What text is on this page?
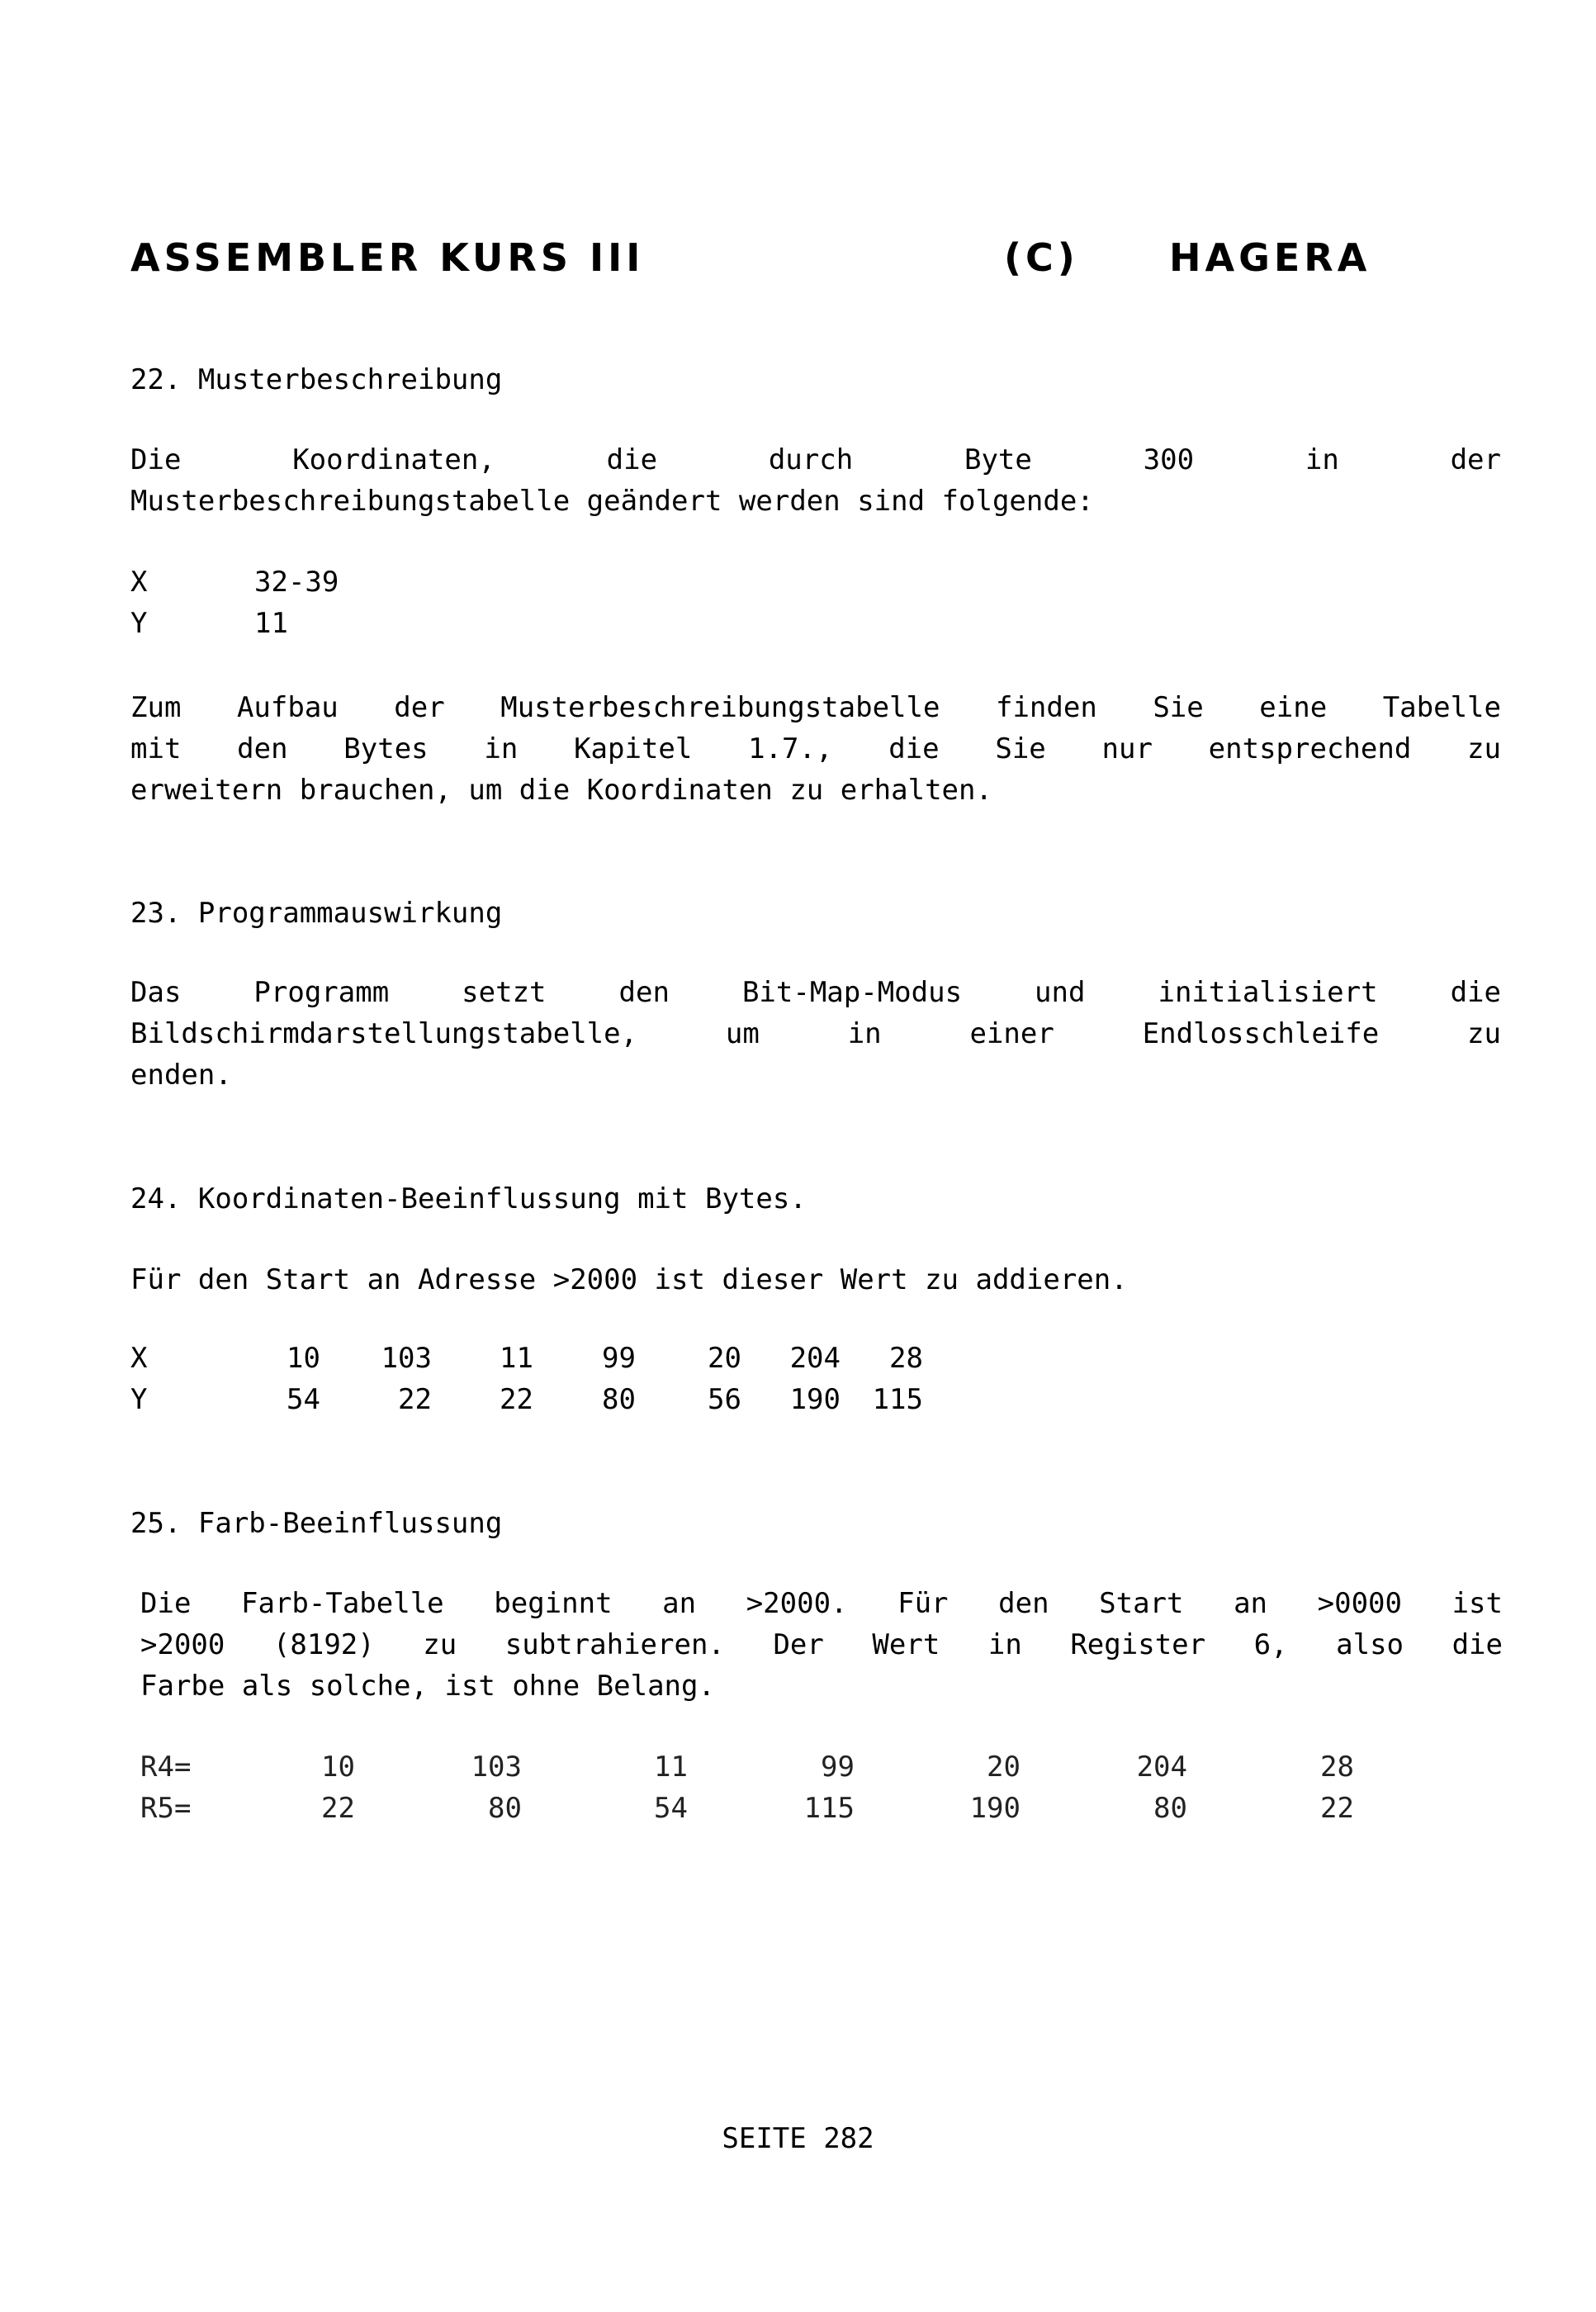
ASSEMBLER KURS III	(C) HAGERA
22. Musterbeschreibung
Die Koordinaten, die durch Byte 300 in der
Musterbeschreibungstabelle geändert werden sind folgende:
X	32-39
Y	11
Zum Aufbau der Musterbeschreibungstabelle finden Sie eine Tabelle
mit den Bytes in Kapitel 1.7., die Sie nur entsprechend zu
erweitern brauchen, um die Koordinaten zu erhalten.
23. Programmauswirkung
Das Programm setzt den Bit-Map-Modus und initialisiert die
Bildschirmdarstellungstabelle, um in einer Endlosschleife zu
enden.
24. Koordinaten-Beeinflussung mit Bytes.
Für den Start an Adresse >2000 ist dieser Wert zu addieren.
X	10	103	11	99	20	204	28
Y	54	22	22	80	56	190	115
25. Farb-Beeinflussung
Die Farb-Tabelle beginnt an >2000. Für den Start an >0000 ist
>2000 (8192) zu subtrahieren. Der Wert in Register 6, also die
Farbe als solche, ist ohne Belang.
R4=	10	103	11	99	20	204	28
R5=	22	80	54	115	190	80	22
SEITE 282
